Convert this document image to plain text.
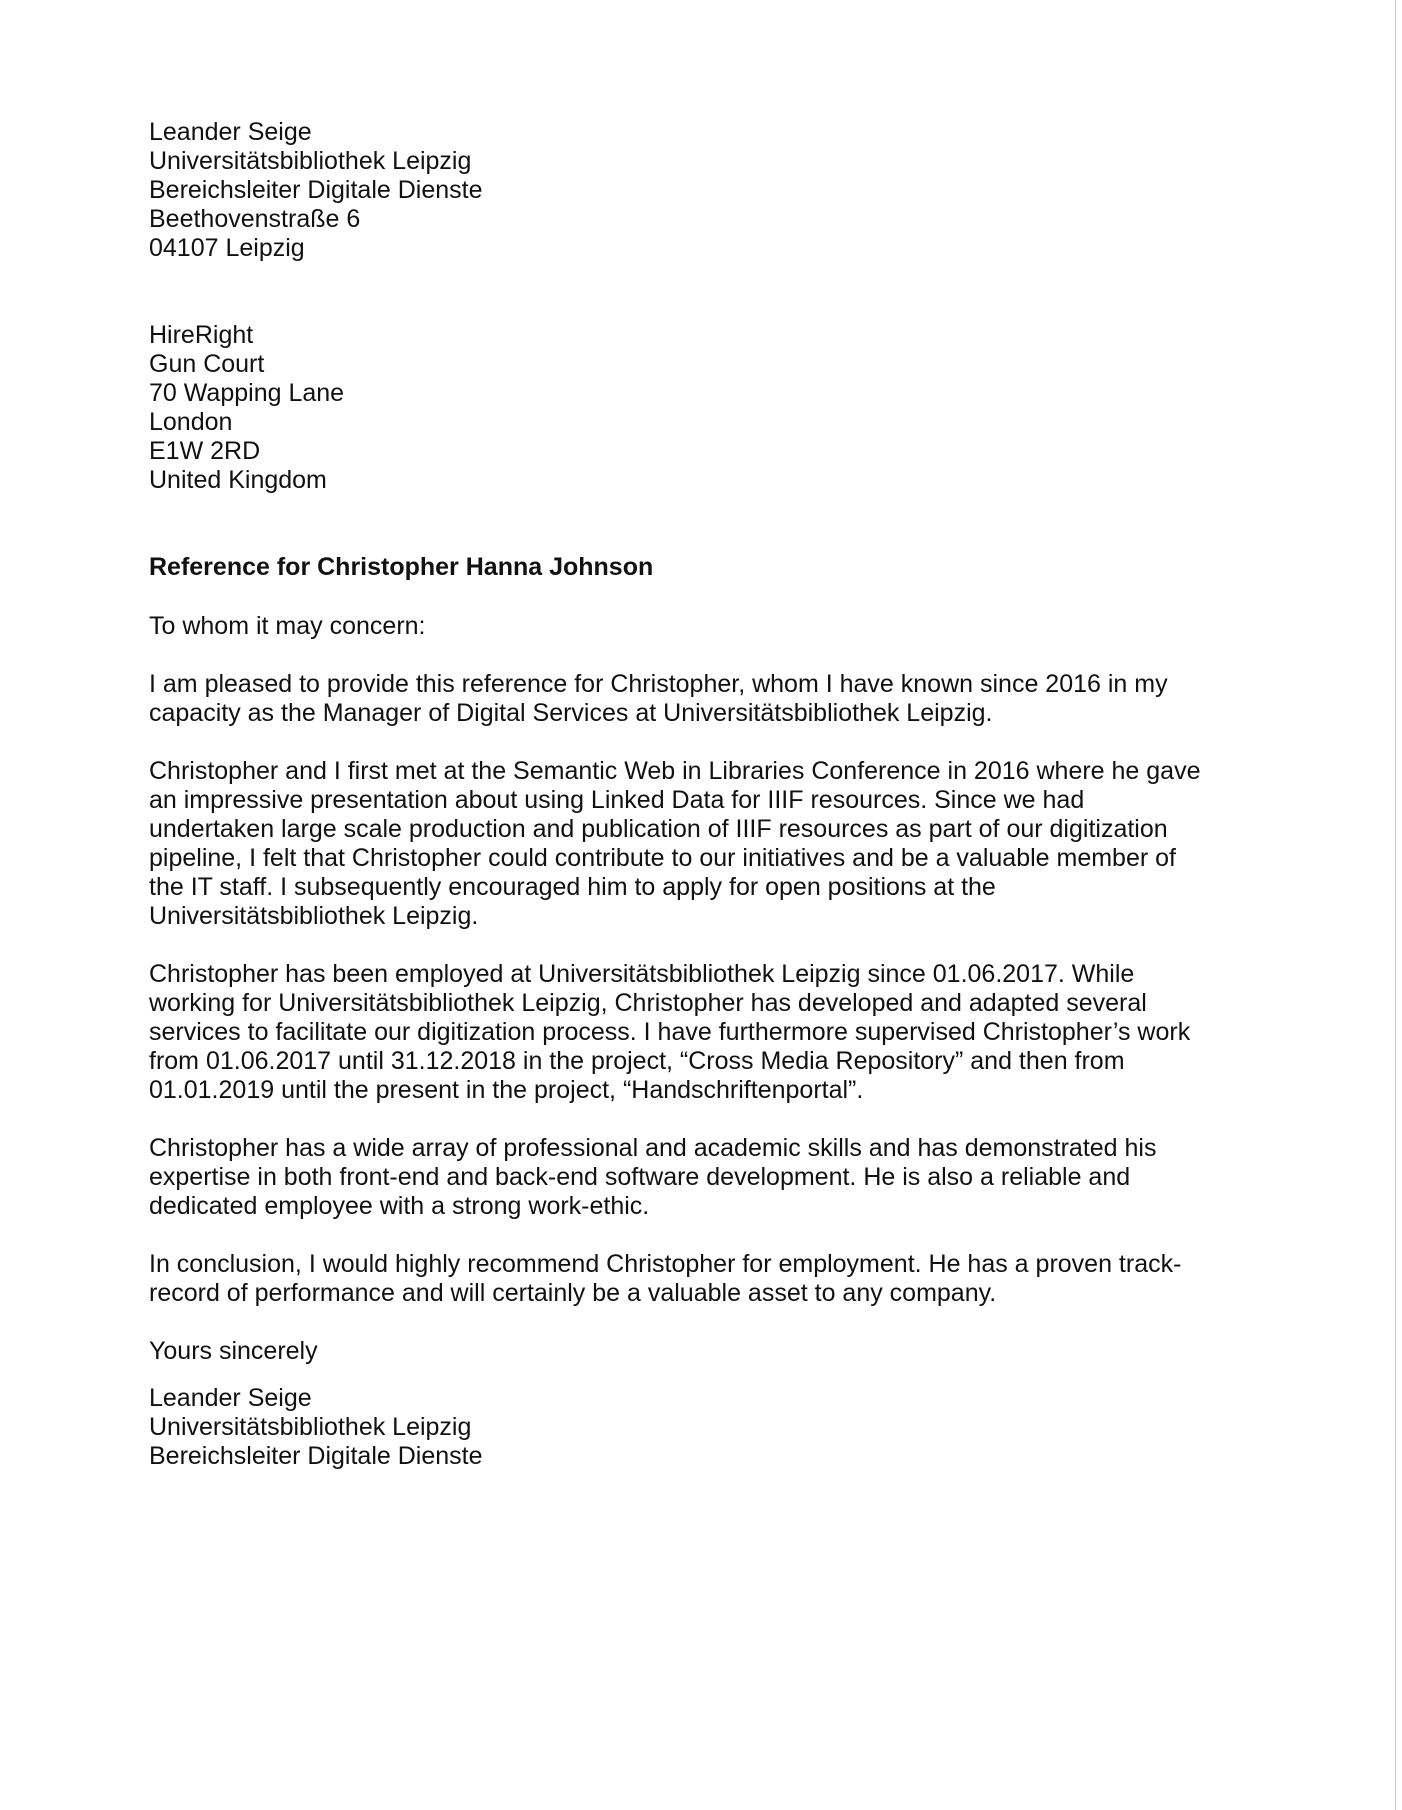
Leander Seige
Universitätsbibliothek Leipzig
Bereichsleiter Digitale Dienste
Beethovenstraße 6
04107 Leipzig
HireRight
Gun Court
70 Wapping Lane
London
E1W 2RD
United Kingdom
Reference for Christopher Hanna Johnson
To whom it may concern:

I am pleased to provide this reference for Christopher, whom I have known since 2016 in my
capacity as the Manager of Digital Services at Universitätsbibliothek Leipzig.

Christopher and I first met at the Semantic Web in Libraries Conference in 2016 where he gave
an impressive presentation about using Linked Data for IIIF resources. Since we had
undertaken large scale production and publication of IIIF resources as part of our digitization
pipeline, I felt that Christopher could contribute to our initiatives and be a valuable member of
the IT staff. I subsequently encouraged him to apply for open positions at the
Universitätsbibliothek Leipzig.

Christopher has been employed at Universitätsbibliothek Leipzig since 01.06.2017. While
working for Universitätsbibliothek Leipzig, Christopher has developed and adapted several
services to facilitate our digitization process. I have furthermore supervised Christopher’s work
from 01.06.2017 until 31.12.2018 in the project, “Cross Media Repository” and then from
01.01.2019 until the present in the project, “Handschriftenportal”.

Christopher has a wide array of professional and academic skills and has demonstrated his
expertise in both front-end and back-end software development. He is also a reliable and
dedicated employee with a strong work-ethic.

In conclusion, I would highly recommend Christopher for employment. He has a proven track-
record of performance and will certainly be a valuable asset to any company.

Yours sincerely
Leander Seige
Universitätsbibliothek Leipzig
Bereichsleiter Digitale Dienste
